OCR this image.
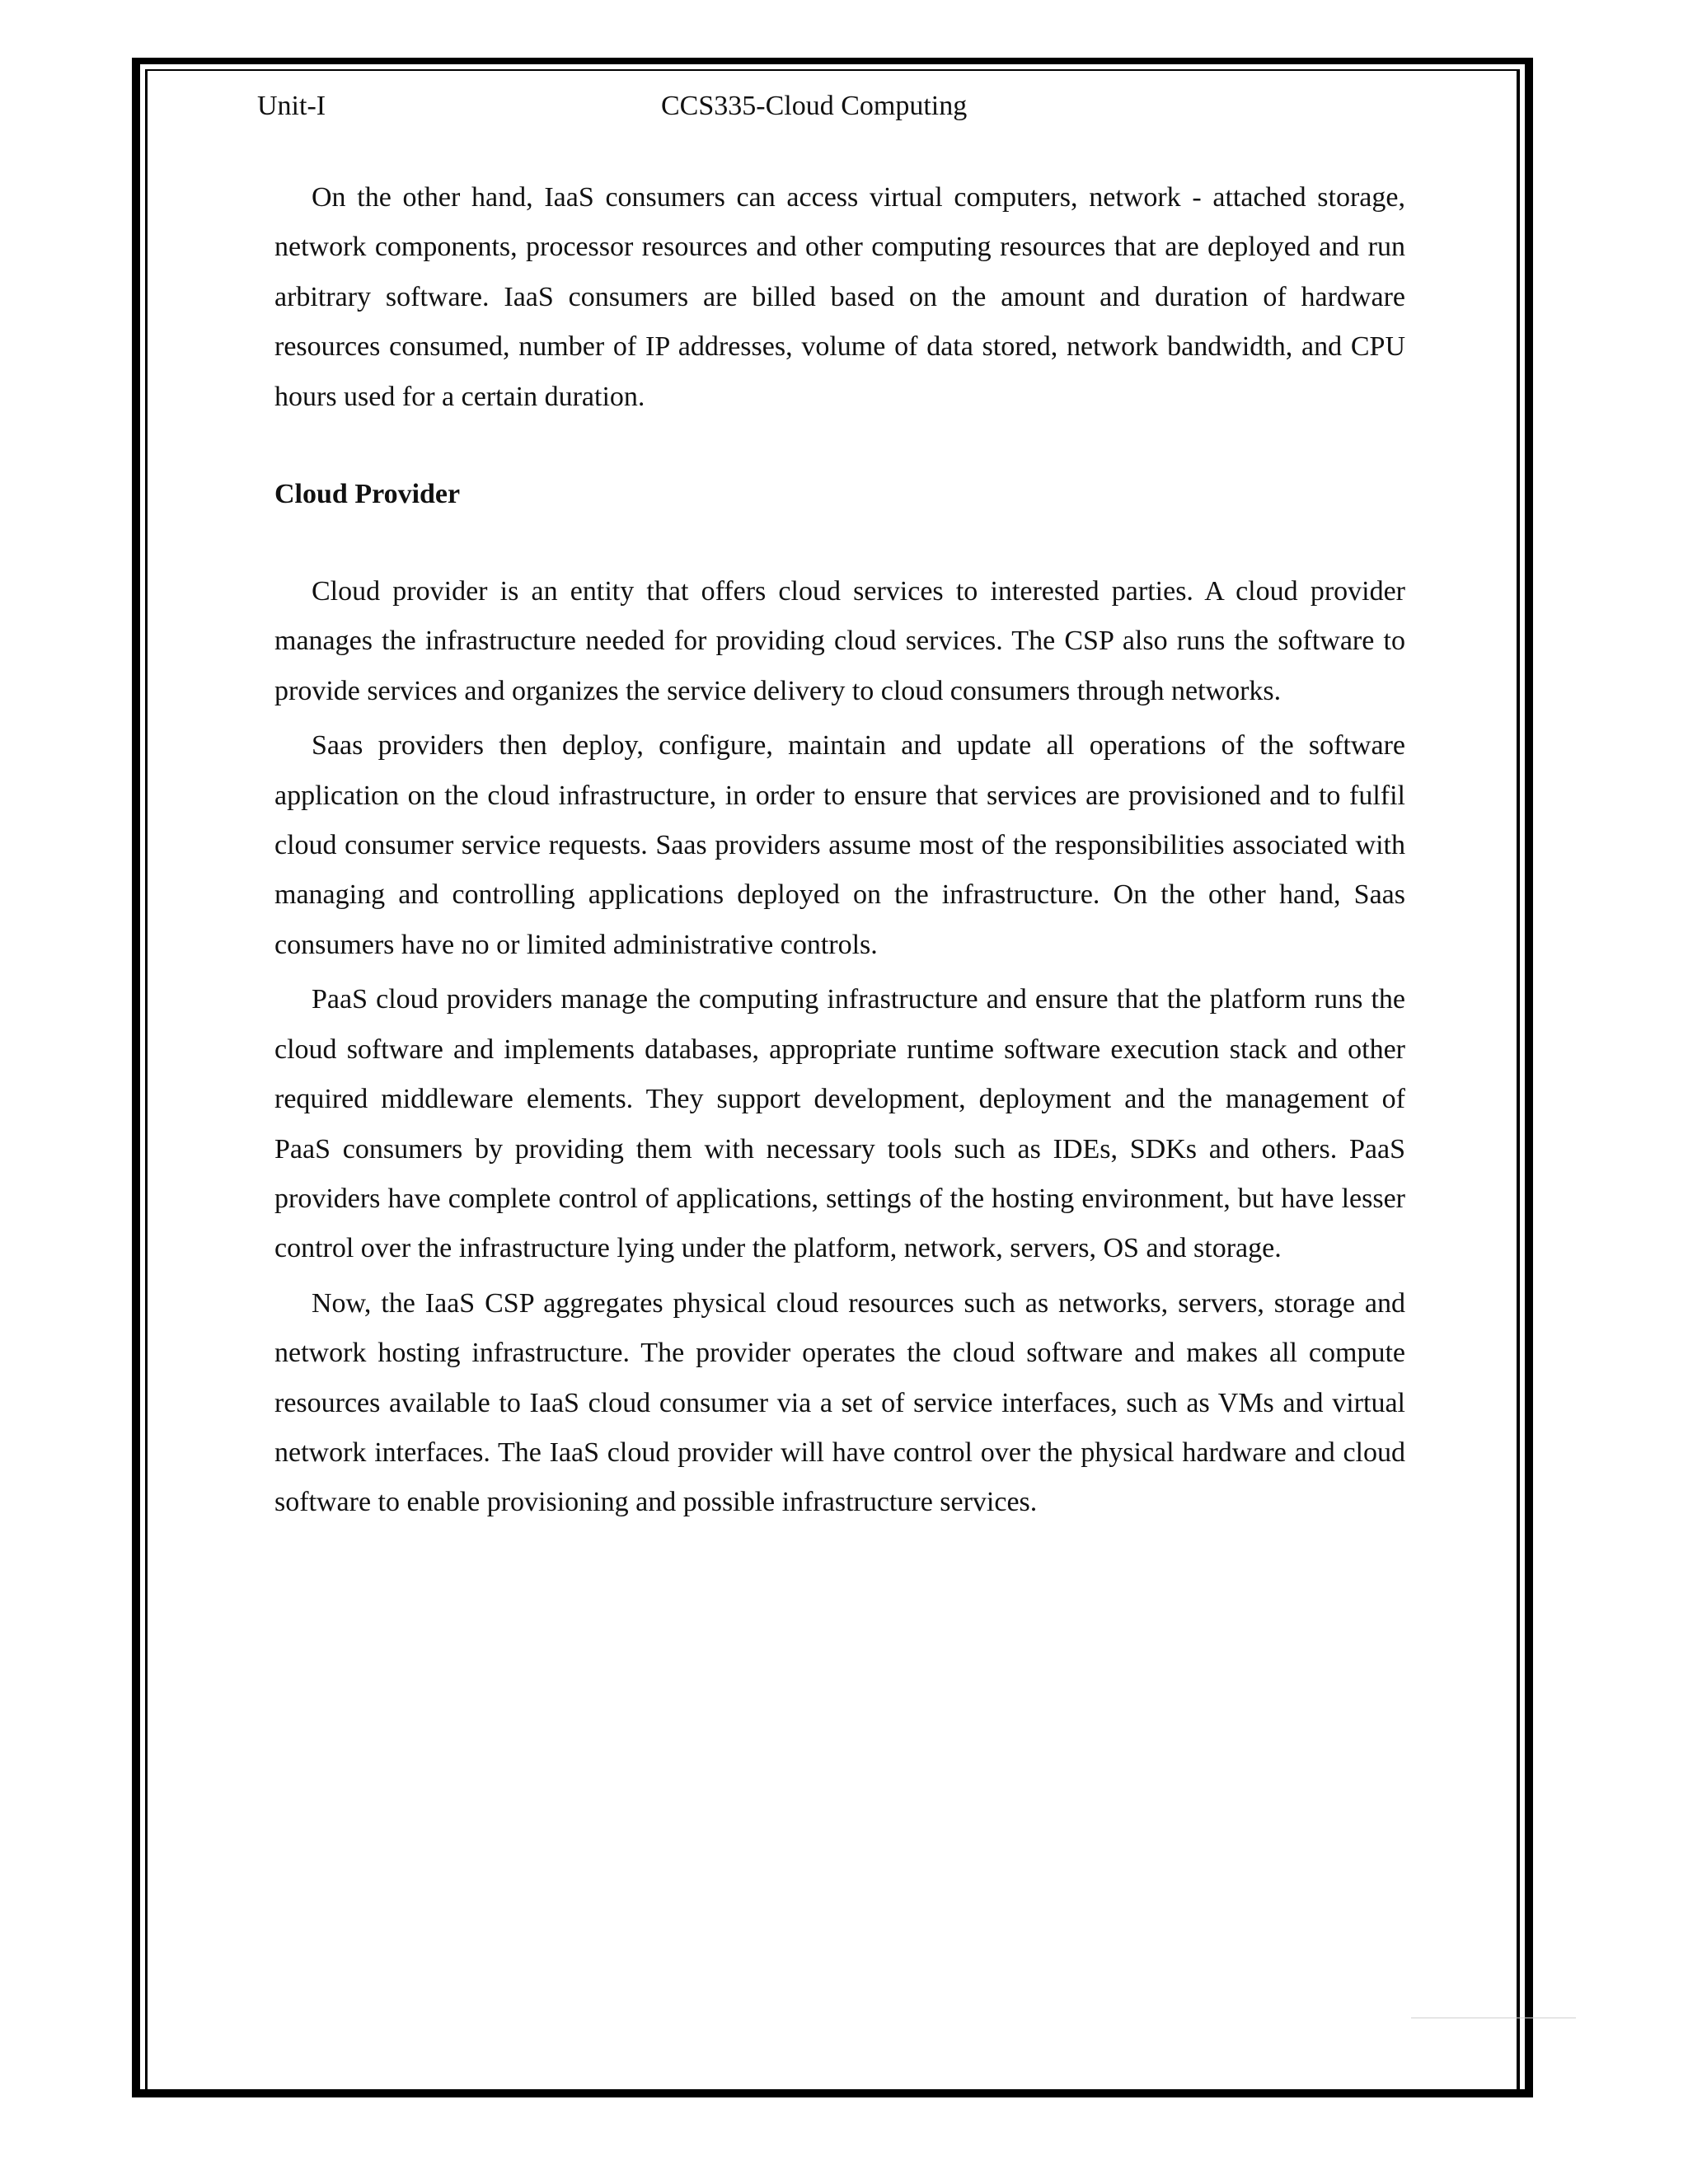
Unit-I	CCS335-Cloud Computing

On the other hand, IaaS consumers can access virtual computers, network - attached storage, network components, processor resources and other computing resources that are deployed and run arbitrary software. IaaS consumers are billed based on the amount and duration of hardware resources consumed, number of IP addresses, volume of data stored, network bandwidth, and CPU hours used for a certain duration.

Cloud Provider

Cloud provider is an entity that offers cloud services to interested parties. A cloud provider manages the infrastructure needed for providing cloud services. The CSP also runs the software to provide services and organizes the service delivery to cloud consumers through networks.

Saas providers then deploy, configure, maintain and update all operations of the software application on the cloud infrastructure, in order to ensure that services are provisioned and to fulfil cloud consumer service requests. Saas providers assume most of the responsibilities associated with managing and controlling applications deployed on the infrastructure. On the other hand, Saas consumers have no or limited administrative controls.

PaaS cloud providers manage the computing infrastructure and ensure that the platform runs the cloud software and implements databases, appropriate runtime software execution stack and other required middleware elements. They support development, deployment and the management of PaaS consumers by providing them with necessary tools such as IDEs, SDKs and others. PaaS providers have complete control of applications, settings of the hosting environment, but have lesser control over the infrastructure lying under the platform, network, servers, OS and storage.

Now, the IaaS CSP aggregates physical cloud resources such as networks, servers, storage and network hosting infrastructure. The provider operates the cloud software and makes all compute resources available to IaaS cloud consumer via a set of service interfaces, such as VMs and virtual network interfaces. The IaaS cloud provider will have control over the physical hardware and cloud software to enable provisioning and possible infrastructure services.
